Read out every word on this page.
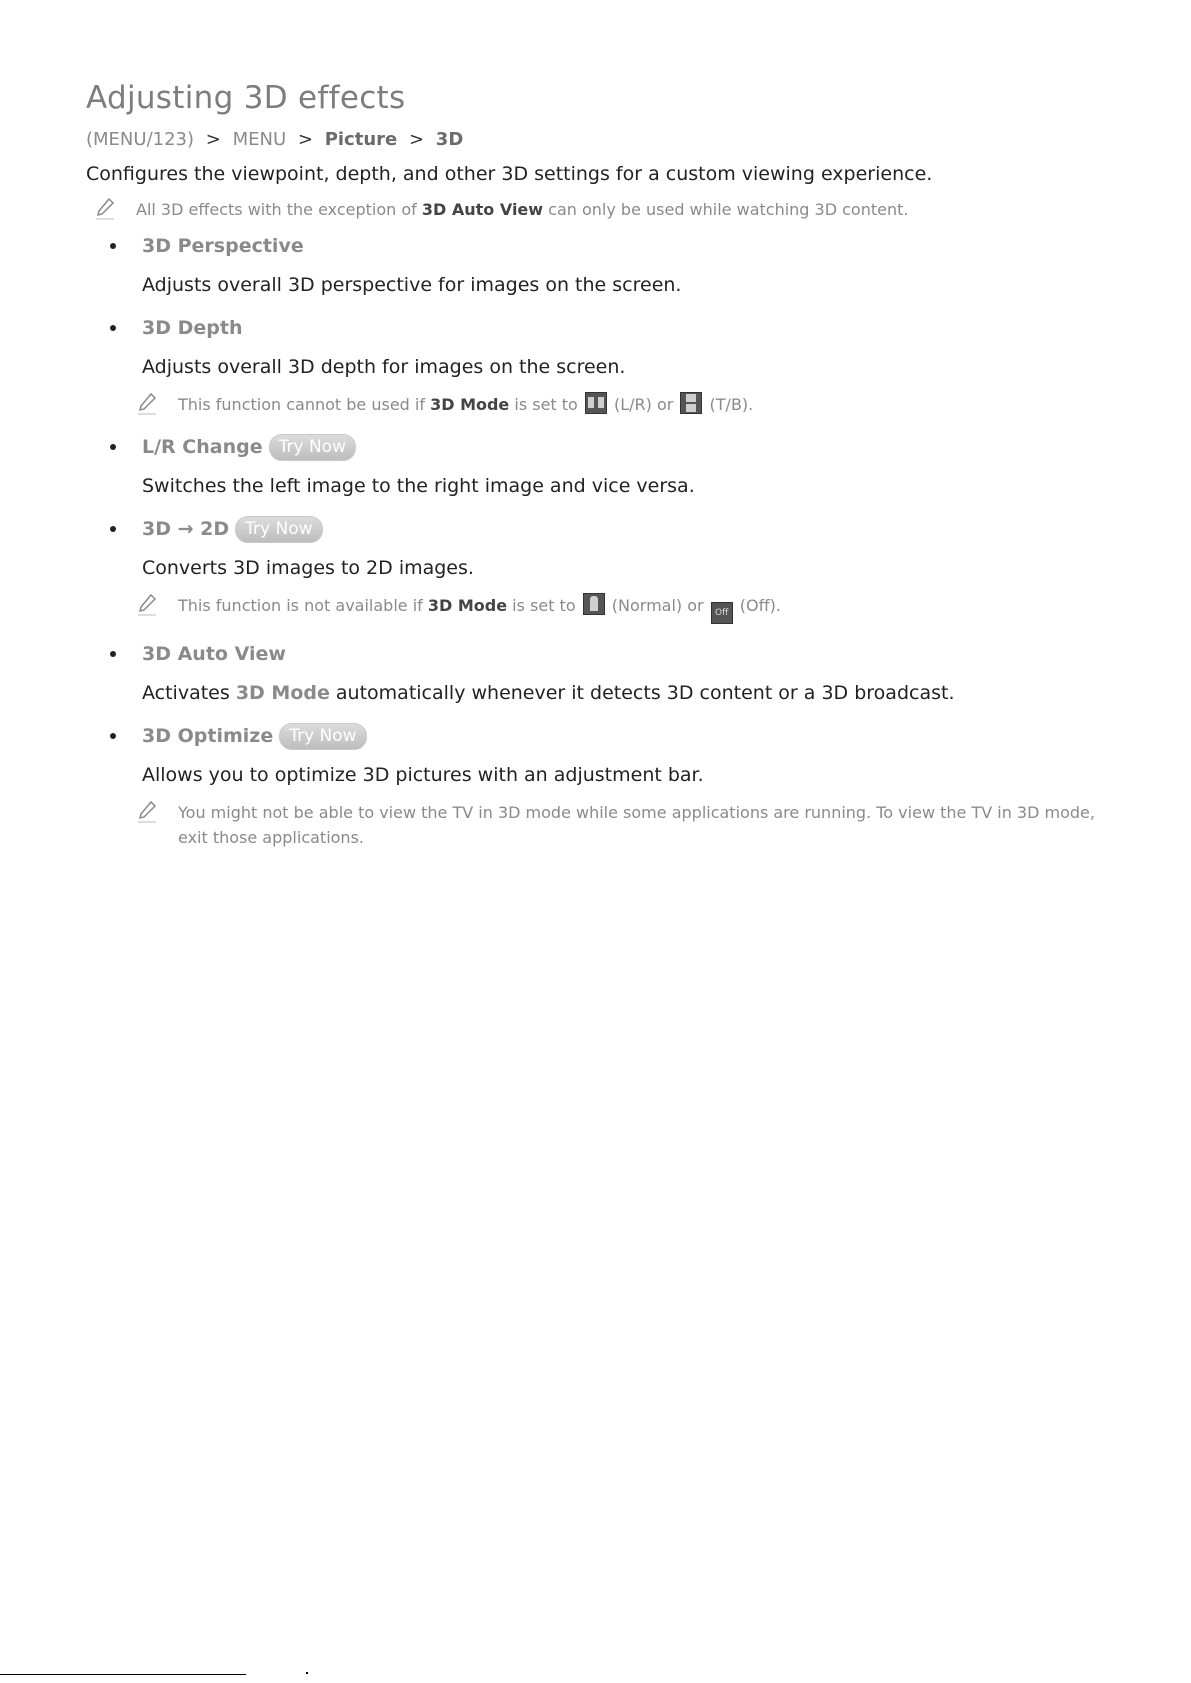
Adjusting 3D effects
(MENU/123) > MENU > Picture > 3D
Configures the viewpoint, depth, and other 3D settings for a custom viewing experience.
All 3D effects with the exception of 3D Auto View can only be used while watching 3D content.
3D Perspective
Adjusts overall 3D perspective for images on the screen.
3D Depth
Adjusts overall 3D depth for images on the screen.
This function cannot be used if 3D Mode is set to  (L/R) or  (T/B).
L/R Change Try Now
Switches the left image to the right image and vice versa.
3D → 2D Try Now
Converts 3D images to 2D images.
This function is not available if 3D Mode is set to  (Normal) or Off (Off).
3D Auto View
Activates 3D Mode automatically whenever it detects 3D content or a 3D broadcast.
3D Optimize Try Now
Allows you to optimize 3D pictures with an adjustment bar.
You might not be able to view the TV in 3D mode while some applications are running. To view the TV in 3D mode, exit those applications.
